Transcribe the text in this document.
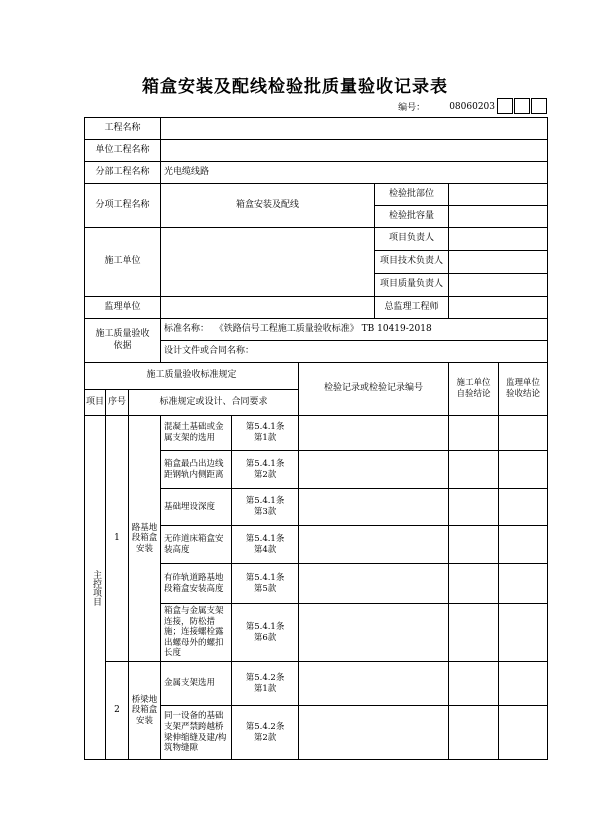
箱盒安装及配线检验批质量验收记录表
编号：	08060203
工程名称								
单位工程名称								
分部工程名称			光电缆线路					
分项工程名称			箱盒安装及配线			检验批部位		
						检验批容量		
施工单位						项目负责人		
						项目技术负责人		
						项目质量负责人		
监理单位						总监理工程师		

施工质量验收依据			标准名称： 《铁路信号工程施工质量验收标准》 TB 10419-2018					
			设计文件或合同名称：					
施工质量验收标准规定					检验记录或检验记录编号		施工单位自验结论	监理单位验收结论

项目	序号	标准规定或设计、合同要求						

主控项目	1	路基地段箱盒安装	混凝土基础或金属支架的选用	第5.4.1条
第1款				

			箱盒最凸出边线距钢轨内侧距离	第5.4.1条
第2款				

			基础埋设深度	第5.4.1条
第3款				

			无砟道床箱盒安装高度	第5.4.1条
第4款				

			有砟轨道路基地段箱盒安装高度	第5.4.1条
第5款				

			箱盒与金属支架连接，防松措施；连接螺栓露出螺母外的螺扣长度	第5.4.1条
第6款				

	2	桥梁地段箱盒安装	金属支架选用	第5.4.2条
第1款				

			同一设备的基础支架严禁跨越桥梁伸缩缝及建/构筑物缝隙	第5.4.2条
第2款				
